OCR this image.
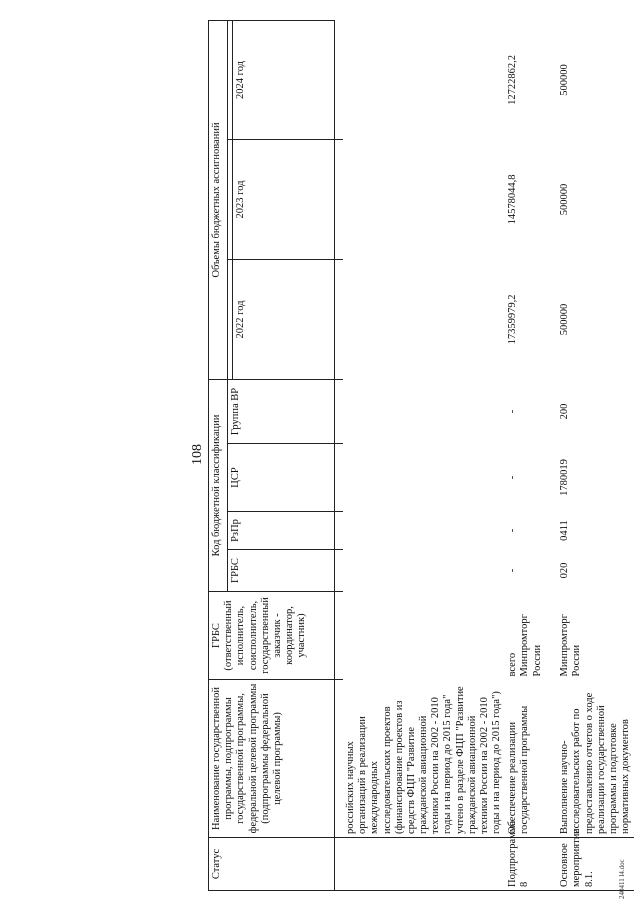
108
Статус	Наименование государственной программы, подпрограммы государственной программы, федеральной целевой программы (подпрограммы федеральной целевой программы)	ГРБС (ответственный исполнитель, соисполнитель, государственный заказчик - координатор, участник)	Код бюджетной классификации				Объемы бюджетных ассигнований		
			ГРБС	РзПр	ЦСР	Группа ВР			
							2022 год	2023 год	2024 год

	российских научных организаций в реализации международных исследовательских проектов (финансирование проектов из средств ФЦП "Развитие гражданской авиационной техники России на 2002 - 2010 годы и на период до 2015 года" учтено в разделе ФЦП "Развитие гражданской авиационной техники России на 2002 - 2010 годы и на период до 2015 года")								
Подпрограмма 8	Обеспечение реализации государственной программы	всего Минпромторг России	-	-	-	-	17359979,2	14578044,8	12722862,2
Основное мероприятие 8.1.	Выполнение научно-исследовательских работ по предоставлению отчетов о ходе реализации государственной программы и подготовке нормативных документов	Минпромторг России	020	0411	1780019	200	500000	500000	500000
240411 l4.doc
